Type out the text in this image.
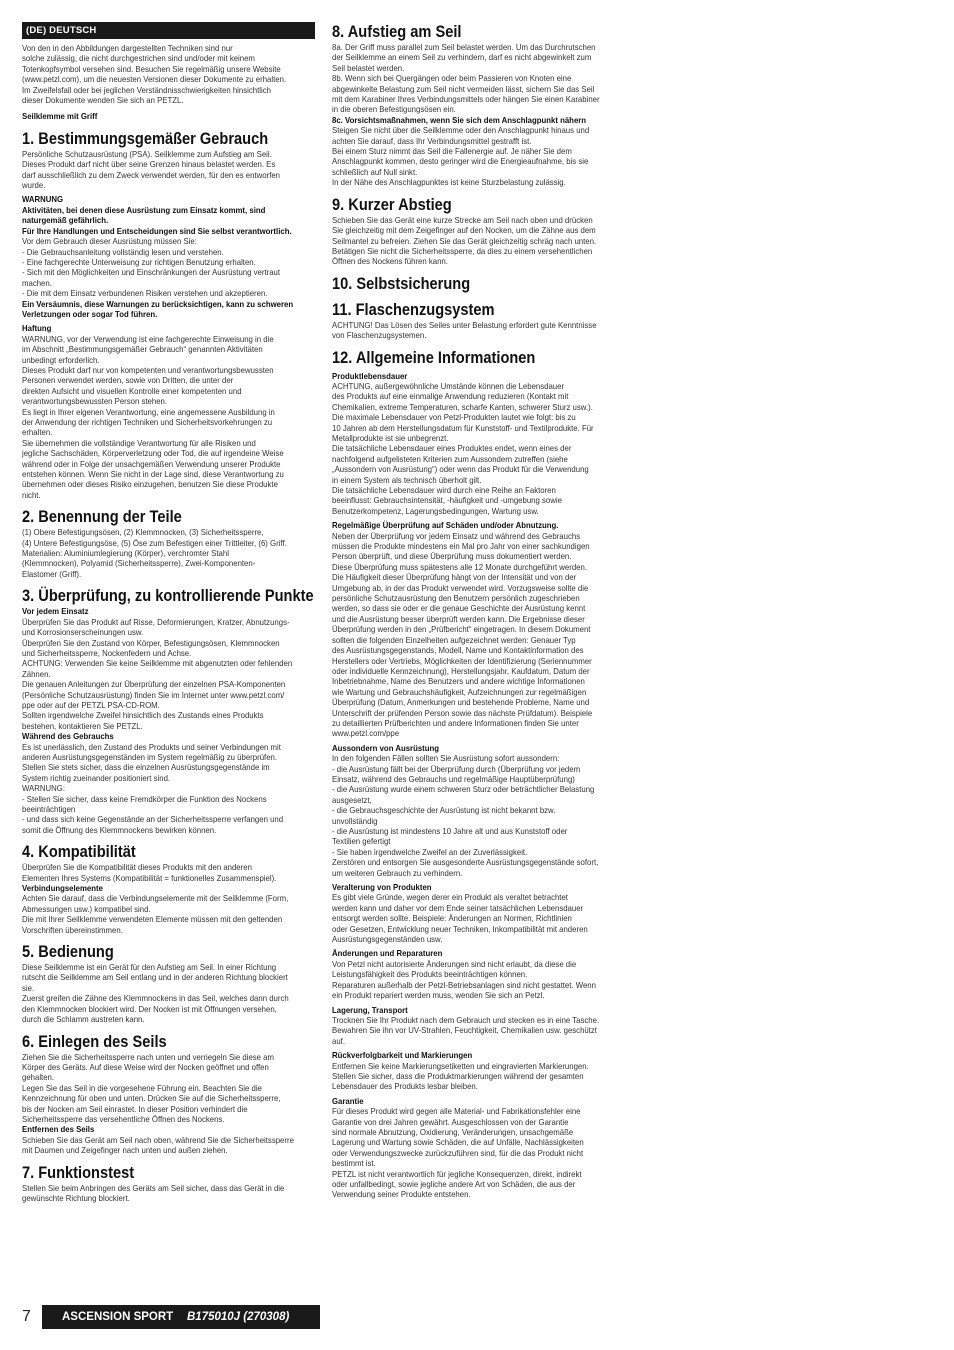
(DE) DEUTSCH

Von den in den Abbildungen dargestellten Techniken sind nur
solche zulässig, die nicht durchgestrichen sind und/oder mit keinem
Totenkopfsymbol versehen sind. Besuchen Sie regelmäßig unsere Website
(www.petzl.com), um die neuesten Versionen dieser Dokumente zu erhalten.
Im Zweifelsfall oder bei jeglichen Verständnisschwierigkeiten hinsichtlich
dieser Dokumente wenden Sie sich an PETZL.

Seilklemme mit Griff

1. Bestimmungsgemäßer Gebrauch

Persönliche Schutzausrüstung (PSA). Seilklemme zum Aufstieg am Seil.
Dieses Produkt darf nicht über seine Grenzen hinaus belastet werden. Es
darf ausschließlich zu dem Zweck verwendet werden, für den es entworfen
wurde.

WARNUNG

Aktivitäten, bei denen diese Ausrüstung zum Einsatz kommt, sind
naturgemäß gefährlich.
Für Ihre Handlungen und Entscheidungen sind Sie selbst verantwortlich.

Vor dem Gebrauch dieser Ausrüstung müssen Sie:
- Die Gebrauchsanleitung vollständig lesen und verstehen.
- Eine fachgerechte Unterweisung zur richtigen Benutzung erhalten.
- Sich mit den Möglichkeiten und Einschränkungen der Ausrüstung vertraut
machen.
- Die mit dem Einsatz verbundenen Risiken verstehen und akzeptieren.

Ein Versäumnis, diese Warnungen zu berücksichtigen, kann zu schweren
Verletzungen oder sogar Tod führen.

Haftung

WARNUNG, vor der Verwendung ist eine fachgerechte Einweisung in die
im Abschnitt „Bestimmungsgemäßer Gebrauch“ genannten Aktivitäten
unbedingt erforderlich.
Dieses Produkt darf nur von kompetenten und verantwortungsbewussten
Personen verwendet werden, sowie von Dritten, die unter der
direkten Aufsicht und visuellen Kontrolle einer kompetenten und
verantwortungsbewussten Person stehen.
Es liegt in Ihrer eigenen Verantwortung, eine angemessene Ausbildung in
der Anwendung der richtigen Techniken und Sicherheitsvorkehrungen zu
erhalten.
Sie übernehmen die vollständige Verantwortung für alle Risiken und
jegliche Sachschäden, Körperverletzung oder Tod, die auf irgendeine Weise
während oder in Folge der unsachgemäßen Verwendung unserer Produkte
entstehen können. Wenn Sie nicht in der Lage sind, diese Verantwortung zu
übernehmen oder dieses Risiko einzugehen, benutzen Sie diese Produkte
nicht.

2. Benennung der Teile

(1) Obere Befestigungsösen, (2) Klemmnocken, (3) Sicherheitssperre,
(4) Untere Befestigungsöse, (5) Öse zum Befestigen einer Trittleiter, (6) Griff.
Materialien: Aluminiumlegierung (Körper), verchromter Stahl
(Klemmnocken), Polyamid (Sicherheitssperre), Zwei-Komponenten-
Elastomer (Griff).

3. Überprüfung, zu kontrollierende Punkte

Vor jedem Einsatz

Überprüfen Sie das Produkt auf Risse, Deformierungen, Kratzer, Abnutzungs-
und Korrosionserscheinungen usw.
Überprüfen Sie den Zustand von Körper, Befestigungsösen, Klemmnocken
und Sicherheitssperre, Nockenfedern und Achse.
ACHTUNG: Verwenden Sie keine Seilklemme mit abgenutzten oder fehlenden
Zähnen.
Die genauen Anleitungen zur Überprüfung der einzelnen PSA-Komponenten
(Persönliche Schutzausrüstung) finden Sie im Internet unter www.petzl.com/
ppe oder auf der PETZL PSA-CD-ROM.
Sollten irgendwelche Zweifel hinsichtlich des Zustands eines Produkts
bestehen, kontaktieren Sie PETZL.

Während des Gebrauchs

Es ist unerlässlich, den Zustand des Produkts und seiner Verbindungen mit
anderen Ausrüstungsgegenständen im System regelmäßig zu überprüfen.
Stellen Sie stets sicher, dass die einzelnen Ausrüstungsgegenstände im
System richtig zueinander positioniert sind.
WARNUNG:
- Stellen Sie sicher, dass keine Fremdkörper die Funktion des Nockens
beeinträchtigen
- und dass sich keine Gegenstände an der Sicherheitssperre verfangen und
somit die Öffnung des Klemmnockens bewirken können.

4. Kompatibilität

Überprüfen Sie die Kompatibilität dieses Produkts mit den anderen
Elementen Ihres Systems (Kompatibilität = funktionelles Zusammenspiel).

Verbindungselemente

Achten Sie darauf, dass die Verbindungselemente mit der Seilklemme (Form,
Abmessungen usw.) kompatibel sind.
Die mit Ihrer Seilklemme verwendeten Elemente müssen mit den geltenden
Vorschriften übereinstimmen.

5. Bedienung

Diese Seilklemme ist ein Gerät für den Aufstieg am Seil. In einer Richtung
rutscht die Seilklemme am Seil entlang und in der anderen Richtung blockiert
sie.
Zuerst greifen die Zähne des Klemmnockens in das Seil, welches dann durch
den Klemmnocken blockiert wird. Der Nocken ist mit Öffnungen versehen,
durch die Schlamm austreten kann.

6. Einlegen des Seils

Ziehen Sie die Sicherheitssperre nach unten und verriegeln Sie diese am
Körper des Geräts. Auf diese Weise wird der Nocken geöffnet und offen
gehalten.
Legen Sie das Seil in die vorgesehene Führung ein. Beachten Sie die
Kennzeichnung für oben und unten. Drücken Sie auf die Sicherheitssperre,
bis der Nocken am Seil einrastet. In dieser Position verhindert die
Sicherheitssperre das versehentliche Öffnen des Nockens.

Entfernen des Seils

Schieben Sie das Gerät am Seil nach oben, während Sie die Sicherheitssperre
mit Daumen und Zeigefinger nach unten und außen ziehen.

7. Funktionstest

Stellen Sie beim Anbringen des Geräts am Seil sicher, dass das Gerät in die
gewünschte Richtung blockiert.

8. Aufstieg am Seil

8a. Der Griff muss parallel zum Seil belastet werden. Um das Durchrutschen
der Seilklemme an einem Seil zu verhindern, darf es nicht abgewinkelt zum
Seil belastet werden.
8b. Wenn sich bei Quergängen oder beim Passieren von Knoten eine
abgewinkelte Belastung zum Seil nicht vermeiden lässt, sichern Sie das Seil
mit dem Karabiner Ihres Verbindungsmittels oder hängen Sie einen Karabiner
in die oberen Befestigungsösen ein.

8c. Vorsichtsmaßnahmen, wenn Sie sich dem Anschlagpunkt nähern

Steigen Sie nicht über die Seilklemme oder den Anschlagpunkt hinaus und
achten Sie darauf, dass Ihr Verbindungsmittel gestrafft ist.
Bei einem Sturz nimmt das Seil die Fallenergie auf. Je näher Sie dem
Anschlagpunkt kommen, desto geringer wird die Energieaufnahme, bis sie
schließlich auf Null sinkt.
In der Nähe des Anschlagpunktes ist keine Sturzbelastung zulässig.

9. Kurzer Abstieg

Schieben Sie das Gerät eine kurze Strecke am Seil nach oben und drücken
Sie gleichzeitig mit dem Zeigefinger auf den Nocken, um die Zähne aus dem
Seilmantel zu befreien. Ziehen Sie das Gerät gleichzeitig schräg nach unten.
Betätigen Sie nicht die Sicherheitssperre, da dies zu einem versehentlichen
Öffnen des Nockens führen kann.

10. Selbstsicherung
11. Flaschenzugsystem

ACHTUNG! Das Lösen des Seiles unter Belastung erfordert gute Kenntnisse
von Flaschenzugsystemen.

12. Allgemeine Informationen

Produktlebensdauer

ACHTUNG, außergewöhnliche Umstände können die Lebensdauer
des Produkts auf eine einmalige Anwendung reduzieren (Kontakt mit
Chemikalien, extreme Temperaturen, scharfe Kanten, schwerer Sturz usw.).
Die maximale Lebensdauer von Petzl-Produkten lautet wie folgt: bis zu
10 Jahren ab dem Herstellungsdatum für Kunststoff- und Textilprodukte. Für
Metallprodukte ist sie unbegrenzt.
Die tatsächliche Lebensdauer eines Produktes endet, wenn eines der
nachfolgend aufgelisteten Kriterien zum Aussondern zutreffen (siehe
„Aussondern von Ausrüstung“) oder wenn das Produkt für die Verwendung
in einem System als technisch überholt gilt.
Die tatsächliche Lebensdauer wird durch eine Reihe an Faktoren
beeinflusst: Gebrauchsintensität, -häufigkeit und -umgebung sowie
Benutzerkompetenz, Lagerungsbedingungen, Wartung usw.

Regelmäßige Überprüfung auf Schäden und/oder Abnutzung.

Neben der Überprüfung vor jedem Einsatz und während des Gebrauchs
müssen die Produkte mindestens ein Mal pro Jahr von einer sachkundigen
Person überprüft, und diese Überprüfung muss dokumentiert werden.
Diese Überprüfung muss spätestens alle 12 Monate durchgeführt werden.
Die Häufigkeit dieser Überprüfung hängt von der Intensität und von der
Umgebung ab, in der das Produkt verwendet wird. Vorzugsweise sollte die
persönliche Schutzausrüstung den Benutzern persönlich zugeschrieben
werden, so dass sie oder er die genaue Geschichte der Ausrüstung kennt
und die Ausrüstung besser überprüft werden kann. Die Ergebnisse dieser
Überprüfung werden in den „Prüfbericht“ eingetragen. In diesem Dokument
sollten die folgenden Einzelheiten aufgezeichnet werden: Genauer Typ
des Ausrüstungsgegenstands, Modell, Name und Kontaktinformation des
Herstellers oder Vertriebs, Möglichkeiten der Identifizierung (Seriennummer
oder individuelle Kennzeichnung), Herstellungsjahr, Kaufdatum, Datum der
Inbetriebnahme, Name des Benutzers und andere wichtige Informationen
wie Wartung und Gebrauchshäufigkeit, Aufzeichnungen zur regelmäßigen
Überprüfung (Datum, Anmerkungen und bestehende Probleme, Name und
Unterschrift der prüfenden Person sowie das nächste Prüfdatum). Beispiele
zu detaillierten Prüfberichten und andere Informationen finden Sie unter
www.petzl.com/ppe

Aussondern von Ausrüstung

In den folgenden Fällen sollten Sie Ausrüstung sofort aussondern:
- die Ausrüstung fällt bei der Überprüfung durch (Überprüfung vor jedem
Einsatz, während des Gebrauchs und regelmäßige Hauptüberprüfung)
- die Ausrüstung wurde einem schweren Sturz oder beträchtlicher Belastung
ausgesetzt,
- die Gebrauchsgeschichte der Ausrüstung ist nicht bekannt bzw.
unvollständig
- die Ausrüstung ist mindestens 10 Jahre alt und aus Kunststoff oder
Textilien gefertigt
- Sie haben irgendwelche Zweifel an der Zuverlässigkeit.
Zerstören und entsorgen Sie ausgesonderte Ausrüstungsgegenstände sofort,
um weiteren Gebrauch zu verhindern.

Veralterung von Produkten

Es gibt viele Gründe, wegen derer ein Produkt als veraltet betrachtet
werden kann und daher vor dem Ende seiner tatsächlichen Lebensdauer
entsorgt werden sollte. Beispiele: Änderungen an Normen, Richtlinien
oder Gesetzen, Entwicklung neuer Techniken, Inkompatibilität mit anderen
Ausrüstungsgegenständen usw.

Änderungen und Reparaturen

Von Petzl nicht autorisierte Änderungen sind nicht erlaubt, da diese die
Leistungsfähigkeit des Produkts beeinträchtigen können.
Reparaturen außerhalb der Petzl-Betriebsanlagen sind nicht gestattet. Wenn
ein Produkt repariert werden muss, wenden Sie sich an Petzl.

Lagerung, Transport

Trocknen Sie Ihr Produkt nach dem Gebrauch und stecken es in eine Tasche.
Bewahren Sie ihn vor UV-Strahlen, Feuchtigkeit, Chemikalien usw. geschützt
auf.

Rückverfolgbarkeit und Markierungen

Entfernen Sie keine Markierungsetiketten und eingravierten Markierungen.
Stellen Sie sicher, dass die Produktmarkierungen während der gesamten
Lebensdauer des Produkts lesbar bleiben.

Garantie

Für dieses Produkt wird gegen alle Material- und Fabrikationsfehler eine
Garantie von drei Jahren gewährt. Ausgeschlossen von der Garantie
sind normale Abnutzung, Oxidierung, Veränderungen, unsachgemäße
Lagerung und Wartung sowie Schäden, die auf Unfälle, Nachlässigkeiten
oder Verwendungszwecke zurückzuführen sind, für die das Produkt nicht
bestimmt ist.
PETZL ist nicht verantwortlich für jegliche Konsequenzen, direkt, indirekt
oder unfallbedingt, sowie jegliche andere Art von Schäden, die aus der
Verwendung seiner Produkte entstehen.

7	ASCENSION SPORT B175010J (270308)
